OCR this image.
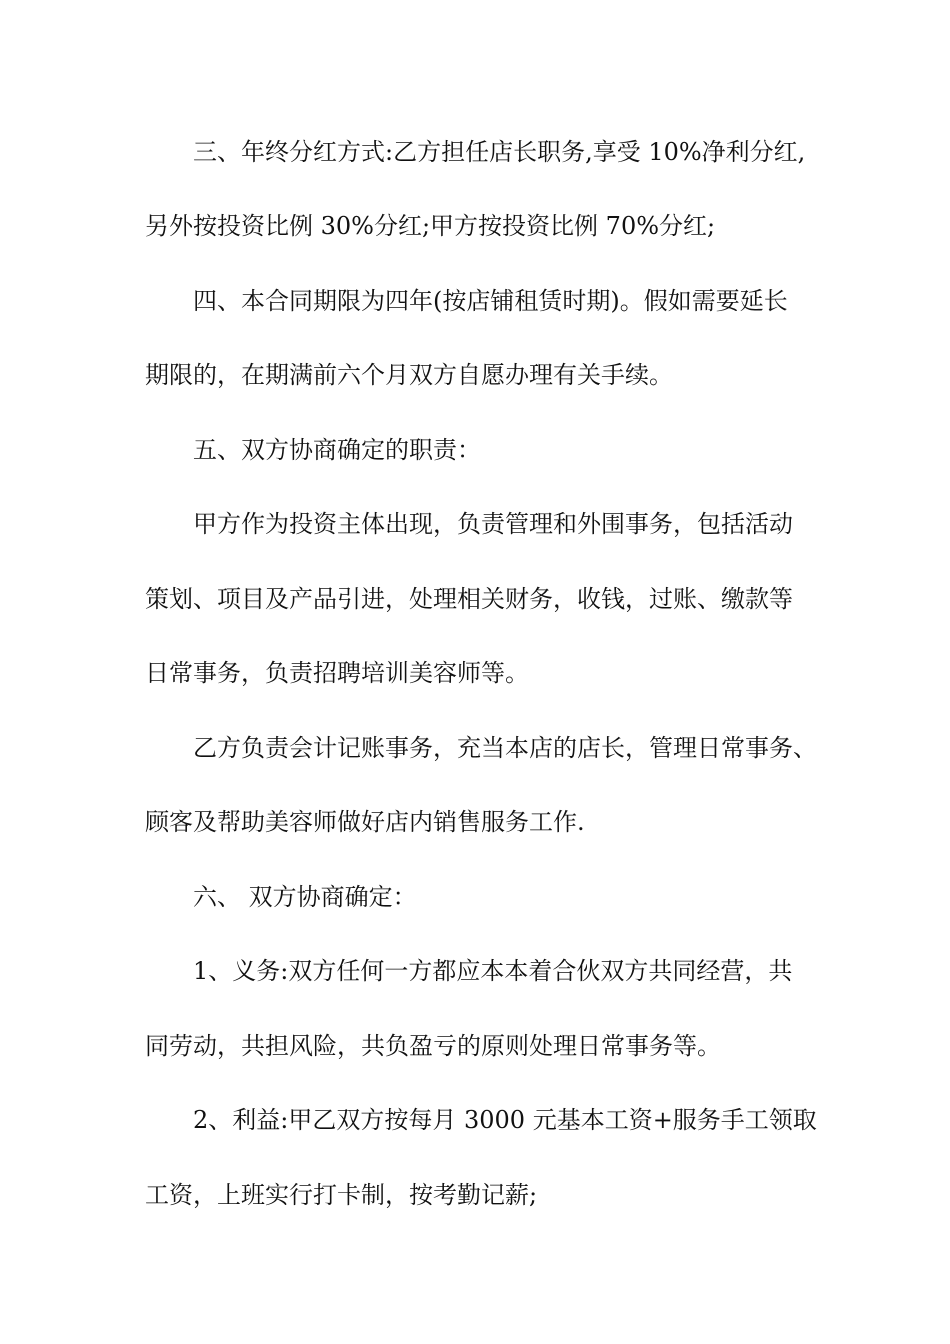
三、年终分红方式:乙方担任店长职务,享受 10%净利分红,
另外按投资比例 30%分红;甲方按投资比例 70%分红;
四、本合同期限为四年(按店铺租赁时期)。假如需要延长
期限的，在期满前六个月双方自愿办理有关手续。
五、双方协商确定的职责：
甲方作为投资主体出现，负责管理和外围事务，包括活动
策划、项目及产品引进，处理相关财务，收钱，过账、缴款等
日常事务，负责招聘培训美容师等。
乙方负责会计记账事务，充当本店的店长，管理日常事务、
顾客及帮助美容师做好店内销售服务工作.
六、 双方协商确定：
1、义务:双方任何一方都应本本着合伙双方共同经营，共
同劳动，共担风险，共负盈亏的原则处理日常事务等。
2、利益:甲乙双方按每月 3000 元基本工资+服务手工领取
工资，上班实行打卡制，按考勤记薪;
